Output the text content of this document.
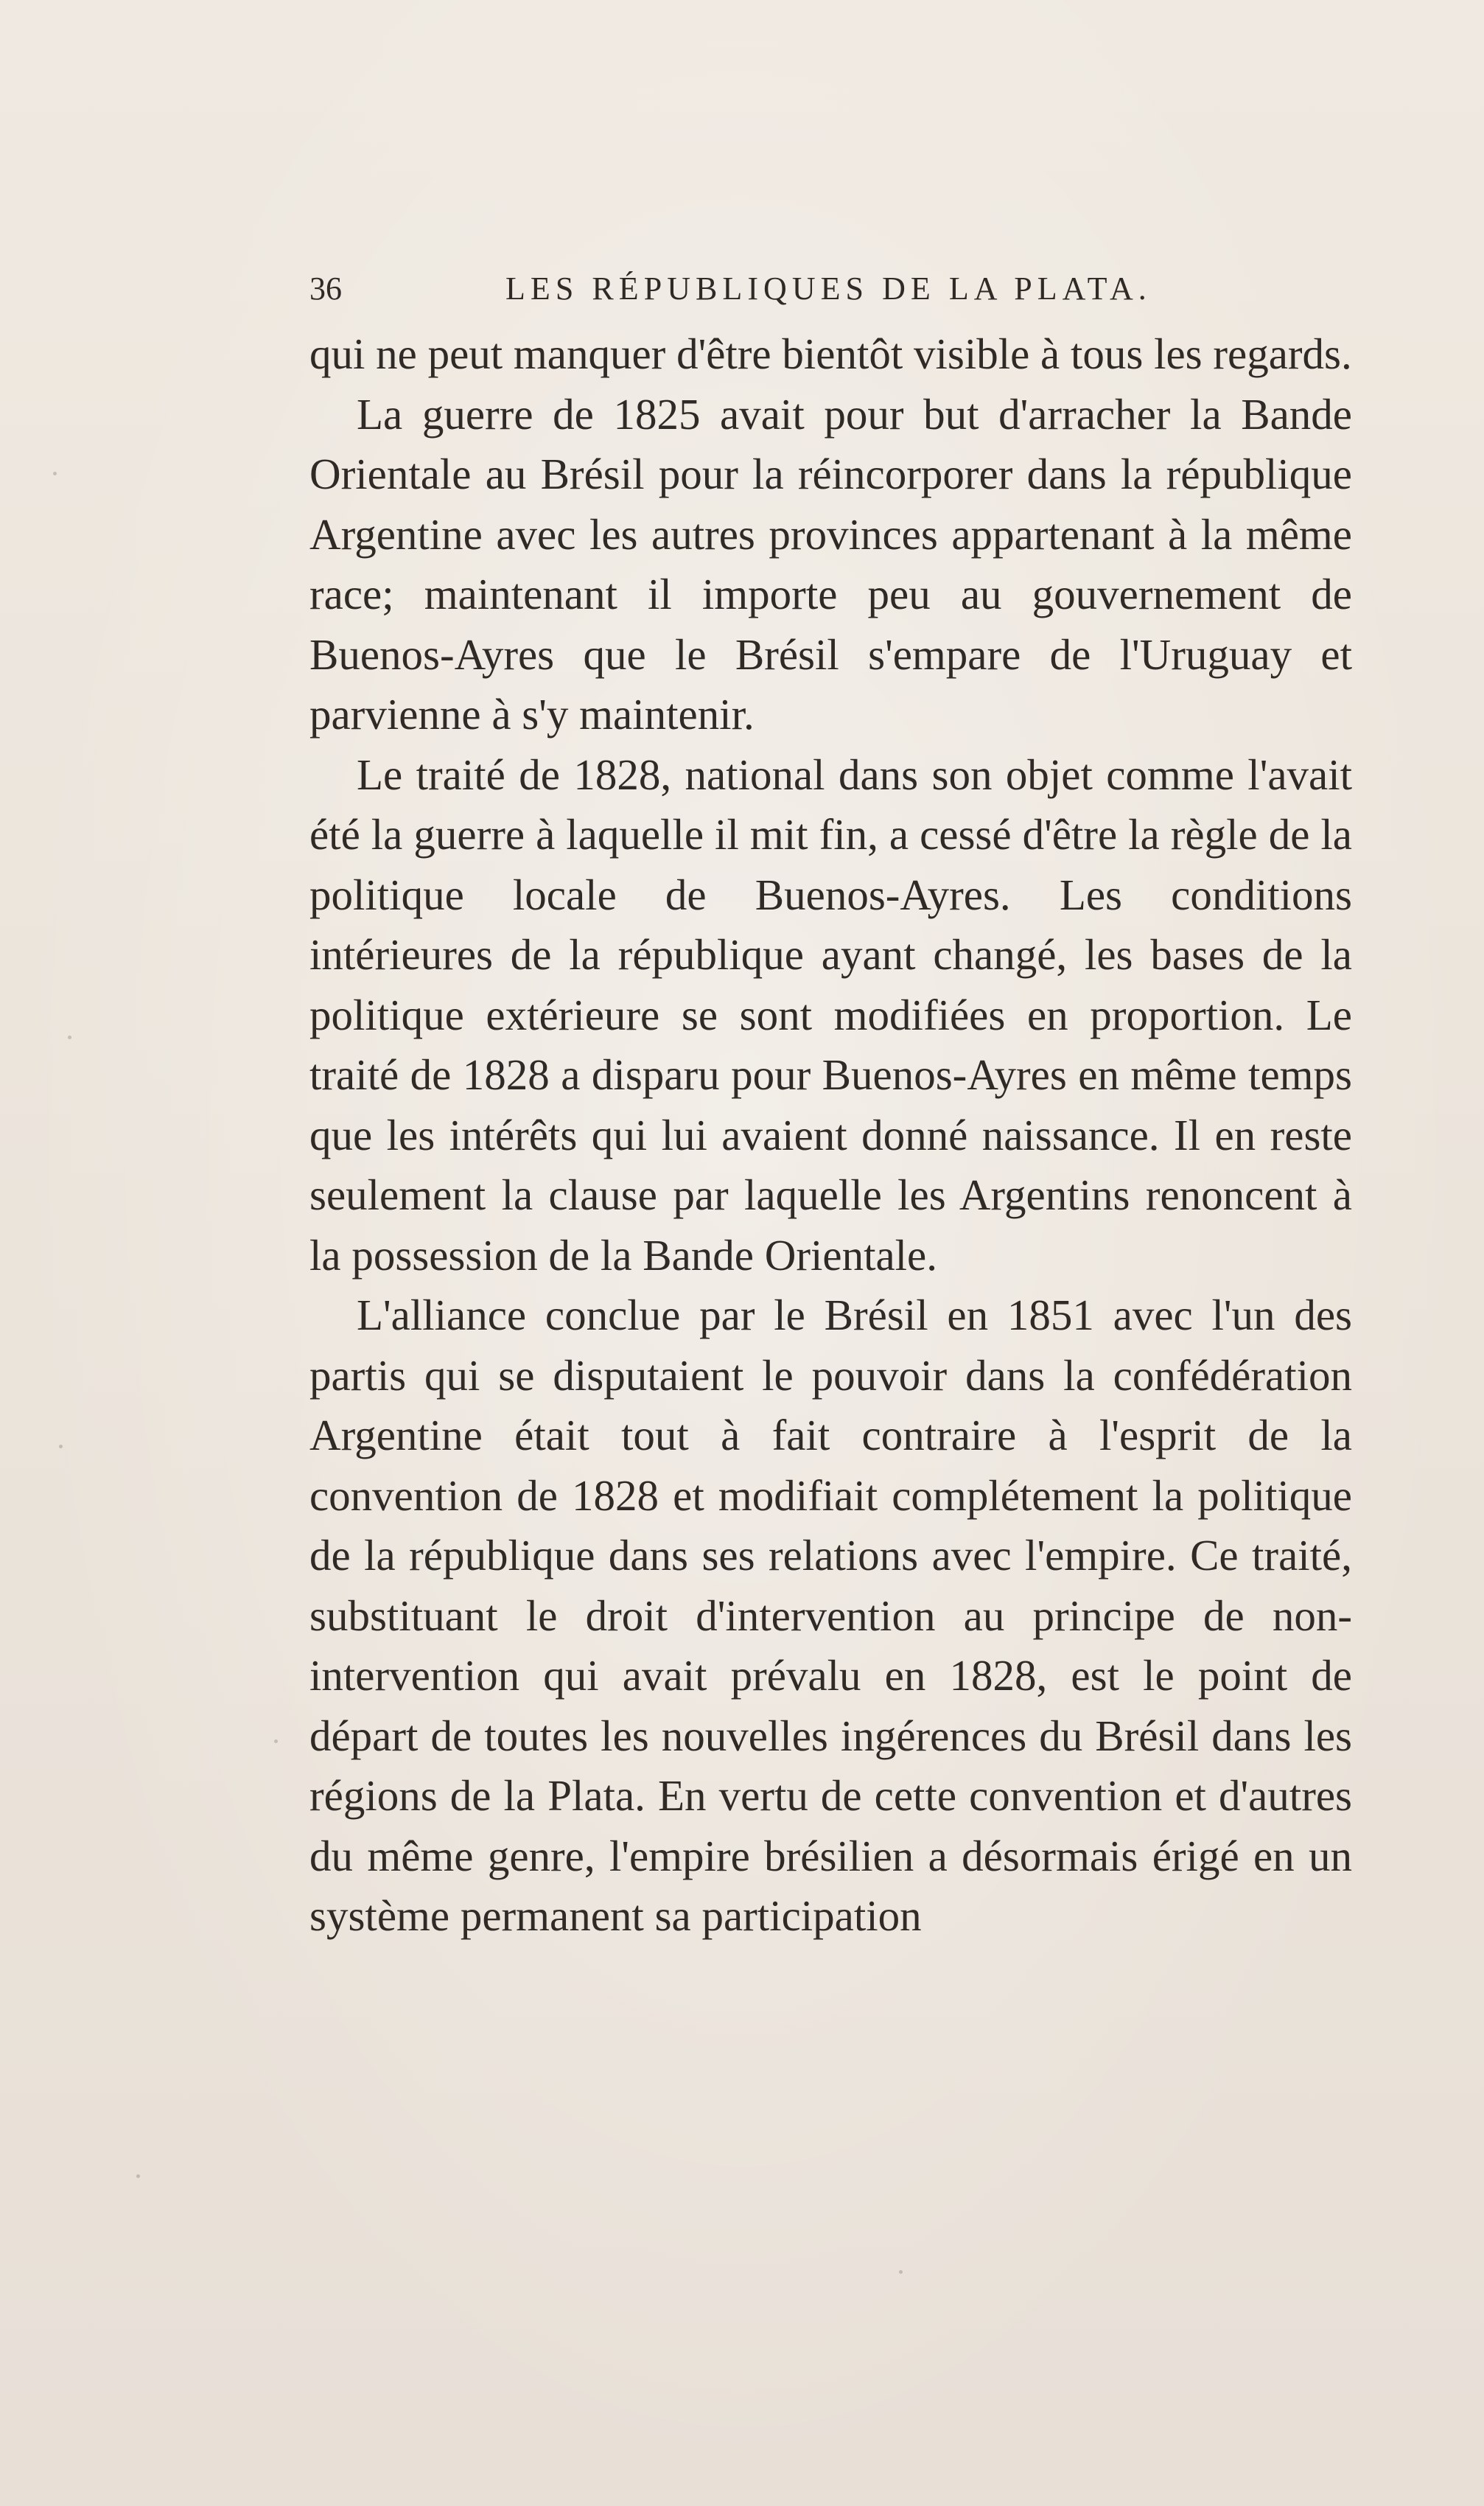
36	LES RÉPUBLIQUES DE LA PLATA.

qui ne peut manquer d'être bientôt visible à tous les regards.

La guerre de 1825 avait pour but d'arracher la Bande Orientale au Brésil pour la réincorporer dans la république Argentine avec les autres provinces appartenant à la même race; maintenant il importe peu au gouvernement de Buenos-Ayres que le Brésil s'empare de l'Uruguay et parvienne à s'y maintenir.

Le traité de 1828, national dans son objet comme l'avait été la guerre à laquelle il mit fin, a cessé d'être la règle de la politique locale de Buenos-Ayres. Les conditions intérieures de la république ayant changé, les bases de la politique extérieure se sont modifiées en proportion. Le traité de 1828 a disparu pour Buenos-Ayres en même temps que les intérêts qui lui avaient donné naissance. Il en reste seulement la clause par laquelle les Argentins renoncent à la possession de la Bande Orientale.

L'alliance conclue par le Brésil en 1851 avec l'un des partis qui se disputaient le pouvoir dans la confédération Argentine était tout à fait contraire à l'esprit de la convention de 1828 et modifiait complétement la politique de la république dans ses relations avec l'empire. Ce traité, substituant le droit d'intervention au principe de non-intervention qui avait prévalu en 1828, est le point de départ de toutes les nouvelles ingérences du Brésil dans les régions de la Plata. En vertu de cette convention et d'autres du même genre, l'empire brésilien a désormais érigé en un système permanent sa participation
